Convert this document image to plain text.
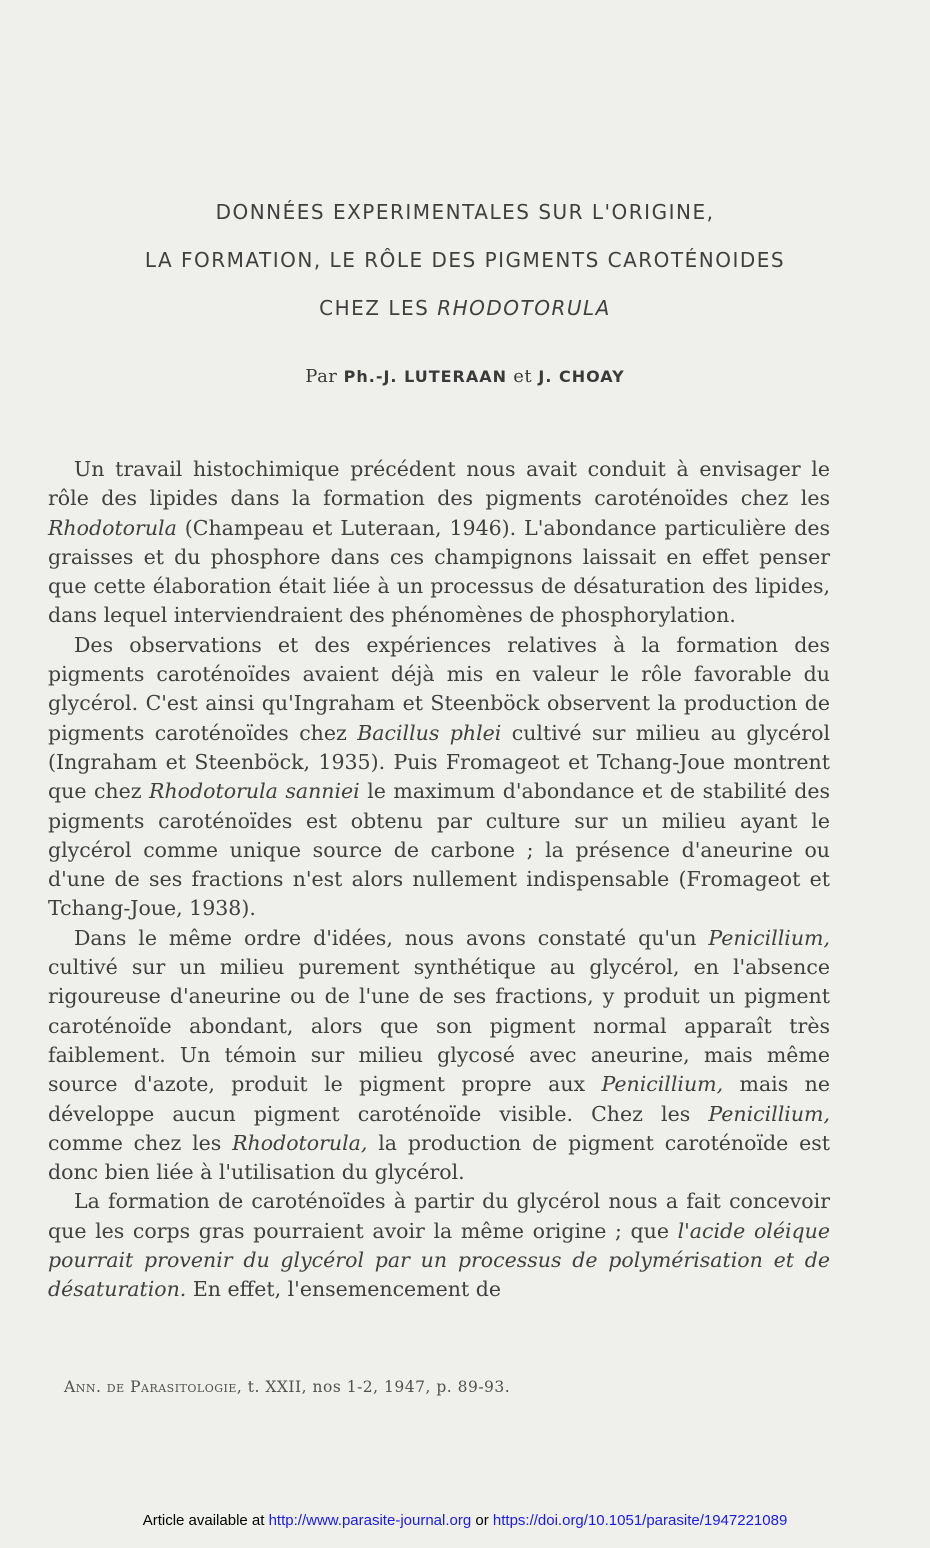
DONNÉES EXPERIMENTALES SUR L'ORIGINE,
LA FORMATION, LE RÔLE DES PIGMENTS CAROTÉNOIDES
CHEZ LES RHODOTORULA
Par Ph.-J. LUTERAAN et J. CHOAY

Un travail histochimique précédent nous avait conduit à envisager le rôle des lipides dans la formation des pigments caroténoïdes chez les Rhodotorula (Champeau et Luteraan, 1946). L'abondance particulière des graisses et du phosphore dans ces champignons laissait en effet penser que cette élaboration était liée à un processus de désaturation des lipides, dans lequel interviendraient des phénomènes de phosphorylation.

Des observations et des expériences relatives à la formation des pigments caroténoïdes avaient déjà mis en valeur le rôle favorable du glycérol. C'est ainsi qu'Ingraham et Steenböck observent la production de pigments caroténoïdes chez Bacillus phlei cultivé sur milieu au glycérol (Ingraham et Steenböck, 1935). Puis Fromageot et Tchang-Joue montrent que chez Rhodotorula sanniei le maximum d'abondance et de stabilité des pigments caroténoïdes est obtenu par culture sur un milieu ayant le glycérol comme unique source de carbone ; la présence d'aneurine ou d'une de ses fractions n'est alors nullement indispensable (Fromageot et Tchang-Joue, 1938).

Dans le même ordre d'idées, nous avons constaté qu'un Penicillium, cultivé sur un milieu purement synthétique au glycérol, en l'absence rigoureuse d'aneurine ou de l'une de ses fractions, y produit un pigment caroténoïde abondant, alors que son pigment normal apparaît très faiblement. Un témoin sur milieu glycosé avec aneurine, mais même source d'azote, produit le pigment propre aux Penicillium, mais ne développe aucun pigment caroténoïde visible. Chez les Penicillium, comme chez les Rhodotorula, la production de pigment caroténoïde est donc bien liée à l'utilisation du glycérol.

La formation de caroténoïdes à partir du glycérol nous a fait concevoir que les corps gras pourraient avoir la même origine ; que l'acide oléique pourrait provenir du glycérol par un processus de polymérisation et de désaturation. En effet, l'ensemencement de

Ann. de Parasitologie, t. XXII, nos 1-2, 1947, p. 89-93.
Article available at http://www.parasite-journal.org or https://doi.org/10.1051/parasite/1947221089
